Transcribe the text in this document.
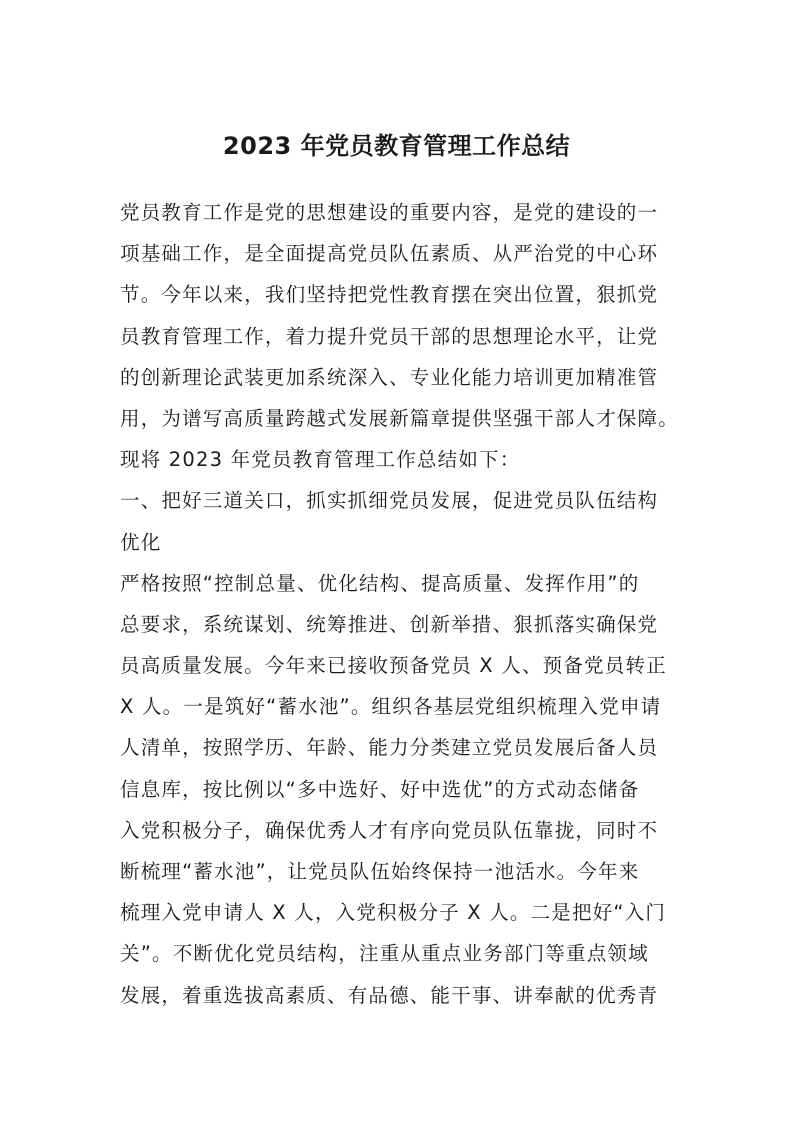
2023 年党员教育管理工作总结
党员教育工作是党的思想建设的重要内容，是党的建设的一
项基础工作，是全面提高党员队伍素质、从严治党的中心环
节。今年以来，我们坚持把党性教育摆在突出位置，狠抓党
员教育管理工作，着力提升党员干部的思想理论水平，让党
的创新理论武装更加系统深入、专业化能力培训更加精准管
用，为谱写高质量跨越式发展新篇章提供坚强干部人才保障。
现将 2023 年党员教育管理工作总结如下：
一、把好三道关口，抓实抓细党员发展，促进党员队伍结构
优化
严格按照“控制总量、优化结构、提高质量、发挥作用”的
总要求，系统谋划、统筹推进、创新举措、狠抓落实确保党
员高质量发展。今年来已接收预备党员 X 人、预备党员转正
X 人。一是筑好“蓄水池”。组织各基层党组织梳理入党申请
人清单，按照学历、年龄、能力分类建立党员发展后备人员
信息库，按比例以“多中选好、好中选优”的方式动态储备
入党积极分子，确保优秀人才有序向党员队伍靠拢，同时不
断梳理“蓄水池”，让党员队伍始终保持一池活水。今年来
梳理入党申请人 X 人，入党积极分子 X 人。二是把好“入门
关”。不断优化党员结构，注重从重点业务部门等重点领域
发展，着重选拔高素质、有品德、能干事、讲奉献的优秀青
